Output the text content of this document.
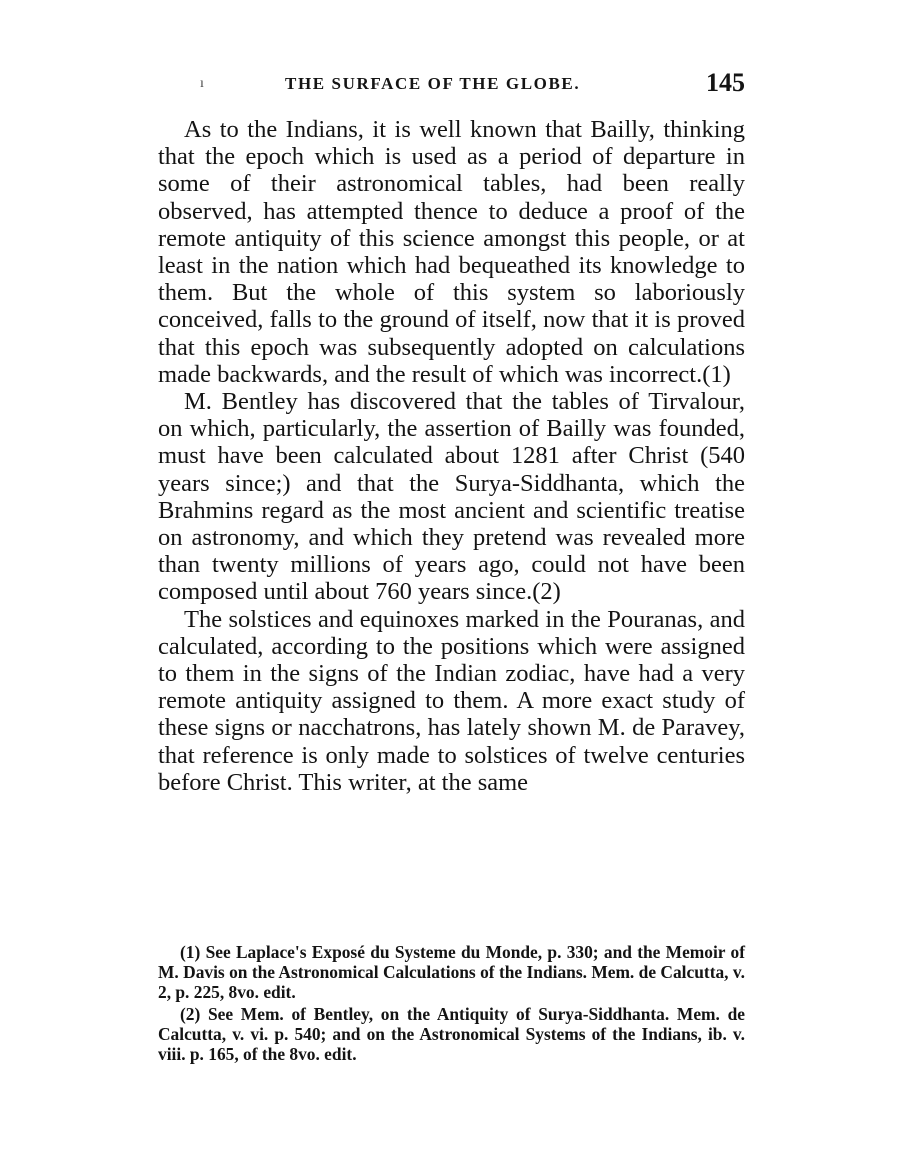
ı	THE SURFACE OF THE GLOBE.	145

As to the Indians, it is well known that Bailly, thinking that the epoch which is used as a period of departure in some of their astronomical tables, had been really observed, has attempted thence to deduce a proof of the remote antiquity of this science amongst this people, or at least in the nation which had bequeathed its knowledge to them. But the whole of this system so laboriously conceived, falls to the ground of itself, now that it is proved that this epoch was subsequently adopted on calculations made backwards, and the result of which was incorrect.(1)

M. Bentley has discovered that the tables of Tirvalour, on which, particularly, the assertion of Bailly was founded, must have been calculated about 1281 after Christ (540 years since;) and that the Surya-Siddhanta, which the Brahmins regard as the most ancient and scientific treatise on astronomy, and which they pretend was revealed more than twenty millions of years ago, could not have been composed until about 760 years since.(2)

The solstices and equinoxes marked in the Pouranas, and calculated, according to the positions which were assigned to them in the signs of the Indian zodiac, have had a very remote antiquity assigned to them. A more exact study of these signs or nacchatrons, has lately shown M. de Paravey, that reference is only made to solstices of twelve centuries before Christ. This writer, at the same

(1) See Laplace's Exposé du Systeme du Monde, p. 330; and the Memoir of M. Davis on the Astronomical Calculations of the Indians. Mem. de Calcutta, v. 2, p. 225, 8vo. edit.

(2) See Mem. of Bentley, on the Antiquity of Surya-Siddhanta. Mem. de Calcutta, v. vi. p. 540; and on the Astronomical Systems of the Indians, ib. v. viii. p. 165, of the 8vo. edit.
